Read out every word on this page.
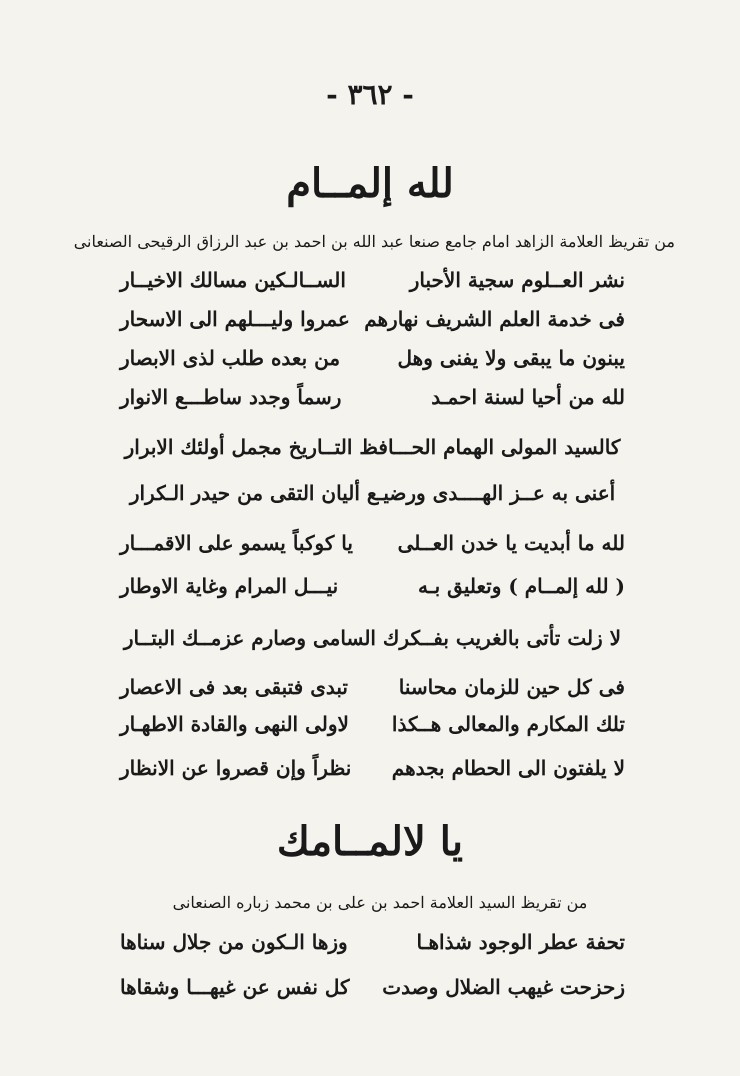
- ٣٦٢ -
لله إلمــام
من تقريظ العلامة الزاهد امام جامع صنعا عبد الله بن احمد بن عبد الرزاق الرقيحى الصنعانى
نشر العــلوم سجية الأحبار
الســالـكين مسالك الاخيــار
فى خدمة العلم الشريف نهارهم
عمروا وليـــلهم الى الاسحار
يبنون ما يبقى ولا يفنى وهل
من بعده طلب لذى الابصار
لله من أحيا لسنة احمـد
رسماً وجدد ساطـــع الانوار
كالسيد المولى الهمام الحـــافظ التــاريخ مجمل أولئك الابرار
أعنى به عــز الهــــدى ورضيـع أليان التقى من حيدر الـكرار
لله ما أبديت يا خدن العــلى
يا كوكباً يسمو على الاقمـــار
( لله إلمــام ) وتعليق بـه
نيـــل المرام وغاية الاوطار
لا زلت تأتى بالغريب بفــكرك السامى وصارم عزمــك البتــار
فى كل حين للزمان محاسنا
تبدى فتبقى بعد فى الاعصار
تلك المكارم والمعالى هــكذا
لاولى النهى والقادة الاطهـار
لا يلفتون الى الحطام بجدهم
نظراً وإن قصروا عن الانظار
يا لالمــامك
من تقريظ السيد العلامة احمد بن على بن محمد زباره الصنعانى
تحفة عطر الوجود شذاهـا
وزها الـكون من جلال سناها
زحزحت غيهب الضلال وصدت
كل نفس عن غيهـــا وشقاها
